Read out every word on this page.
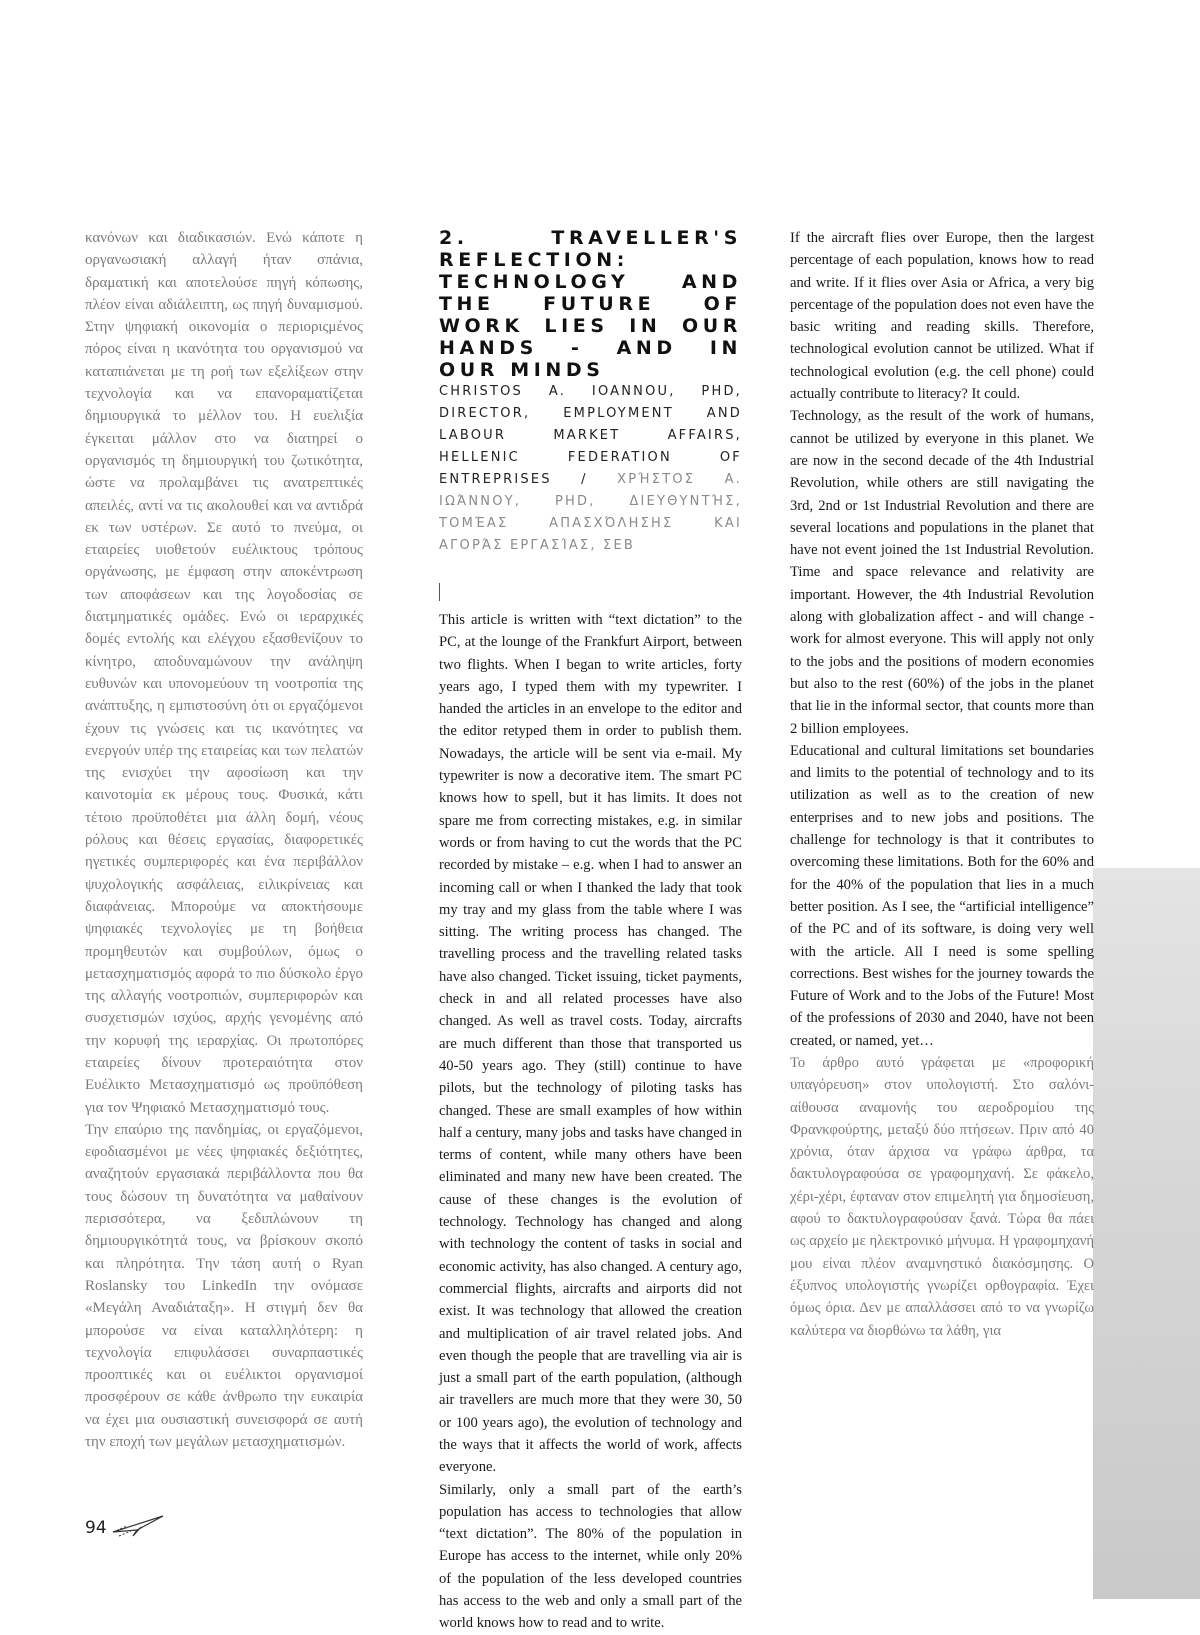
κανόνων και διαδικασιών. Ενώ κάποτε η οργανωσιακή αλλαγή ήταν σπάνια, δραματική και αποτελούσε πηγή κόπωσης, πλέον είναι αδιάλειπτη, ως πηγή δυναμισμού. Στην ψηφιακή οικονομία ο περιοριςμένος πόρος είναι η ικανότητα του οργανισμού να καταπιάνεται με τη ροή των εξελίξεων στην τεχνολογία και να επανοραματίζεται δημιουργικά το μέλλον του. Η ευελιξία έγκειται μάλλον στο να διατηρεί ο οργανισμός τη δημιουργική του ζωτικότητα, ώστε να προλαμβάνει τις ανατρεπτικές απειλές, αντί να τις ακολουθεί και να αντιδρά εκ των υστέρων. Σε αυτό το πνεύμα, οι εταιρείες υιοθετούν ευέλικτους τρόπους οργάνωσης, με έμφαση στην αποκέντρωση των αποφάσεων και της λογοδοσίας σε διατμηματικές ομάδες. Ενώ οι ιεραρχικές δομές εντολής και ελέγχου εξασθενίζουν το κίνητρο, αποδυναμώνουν την ανάληψη ευθυνών και υπονομεύουν τη νοοτροπία της ανάπτυξης, η εμπιστοσύνη ότι οι εργαζόμενοι έχουν τις γνώσεις και τις ικανότητες να ενεργούν υπέρ της εταιρείας και των πελατών της ενισχύει την αφοσίωση και την καινοτομία εκ μέρους τους. Φυσικά, κάτι τέτοιο προϋποθέτει μια άλλη δομή, νέους ρόλους και θέσεις εργασίας, διαφορετικές ηγετικές συμπεριφορές και ένα περιβάλλον ψυχολογικής ασφάλειας, ειλικρίνειας και διαφάνειας. Μπορούμε να αποκτήσουμε ψηφιακές τεχνολογίες με τη βοήθεια προμηθευτών και συμβούλων, όμως ο μετασχηματισμός αφορά το πιο δύσκολο έργο της αλλαγής νοοτροπιών, συμπεριφορών και συσχετισμών ισχύος, αρχής γενομένης από την κορυφή της ιεραρχίας. Οι πρωτοπόρες εταιρείες δίνουν προτεραιότητα στον Ευέλικτο Μετασχηματισμό ως προϋπόθεση για τον Ψηφιακό Μετασχηματισμό τους.

Την επαύριο της πανδημίας, οι εργαζόμενοι, εφοδιασμένοι με νέες ψηφιακές δεξιότητες, αναζητούν εργασιακά περιβάλλοντα που θα τους δώσουν τη δυνατότητα να μαθαίνουν περισσότερα, να ξεδιπλώνουν τη δημιουργικότητά τους, να βρίσκουν σκοπό και πληρότητα. Την τάση αυτή ο Ryan Roslansky του LinkedIn την ονόμασε «Μεγάλη Αναδιάταξη». Η στιγμή δεν θα μπορούσε να είναι καταλληλότερη: η τεχνολογία επιφυλάσσει συναρπαστικές προοπτικές και οι ευέλικτοι οργανισμοί προσφέρουν σε κάθε άνθρωπο την ευκαιρία να έχει μια ουσιαστική συνεισφορά σε αυτή την εποχή των μεγάλων μετασχηματισμών.

2. TRAVELLER'S REFLECTION: TECHNOLOGY AND THE FUTURE OF WORK LIES IN OUR HANDS - AND IN OUR MINDS

CHRISTOS A. IOANNOU, PHD, DIRECTOR, EMPLOYMENT AND LABOUR MARKET AFFAIRS, HELLENIC FEDERATION OF ENTREPRISES / ΧΡΉΣΤΟΣ Α. ΙΩΆΝΝΟΥ, PHD, ΔΙΕΥΘΥΝΤΉΣ, ΤΟΜΈΑΣ ΑΠΑΣΧΌΛΗΣΗΣ ΚΑΙ ΑΓΟΡΆΣ ΕΡΓΑΣΊΑΣ, ΣΕΒ

This article is written with “text dictation” to the PC, at the lounge of the Frankfurt Airport, between two flights. When I began to write articles, forty years ago, I typed them with my typewriter. I handed the articles in an envelope to the editor and the editor retyped them in order to publish them. Nowadays, the article will be sent via e-mail. My typewriter is now a decorative item. The smart PC knows how to spell, but it has limits. It does not spare me from correcting mistakes, e.g. in similar words or from having to cut the words that the PC recorded by mistake – e.g. when I had to answer an incoming call or when I thanked the lady that took my tray and my glass from the table where I was sitting. The writing process has changed. The travelling process and the travelling related tasks have also changed. Ticket issuing, ticket payments, check in and all related processes have also changed. As well as travel costs. Today, aircrafts are much different than those that transported us 40-50 years ago. They (still) continue to have pilots, but the technology of piloting tasks has changed. These are small examples of how within half a century, many jobs and tasks have changed in terms of content, while many others have been eliminated and many new have been created. The cause of these changes is the evolution of technology. Technology has changed and along with technology the content of tasks in social and economic activity, has also changed. A century ago, commercial flights, aircrafts and airports did not exist. It was technology that allowed the creation and multiplication of air travel related jobs. And even though the people that are travelling via air is just a small part of the earth population, (although air travellers are much more that they were 30, 50 or 100 years ago), the evolution of technology and the ways that it affects the world of work, affects everyone.

Similarly, only a small part of the earth’s population has access to technologies that allow “text dictation”. The 80% of the population in Europe has access to the internet, while only 20% of the population of the less developed countries has access to the web and only a small part of the world knows how to read and to write.

If the aircraft flies over Europe, then the largest percentage of each population, knows how to read and write. If it flies over Asia or Africa, a very big percentage of the population does not even have the basic writing and reading skills. Therefore, technological evolution cannot be utilized. What if technological evolution (e.g. the cell phone) could actually contribute to literacy? It could.

Technology, as the result of the work of humans, cannot be utilized by everyone in this planet. We are now in the second decade of the 4th Industrial Revolution, while others are still navigating the 3rd, 2nd or 1st Industrial Revolution and there are several locations and populations in the planet that have not event joined the 1st Industrial Revolution. Time and space relevance and relativity are important. However, the 4th Industrial Revolution along with globalization affect - and will change - work for almost everyone. This will apply not only to the jobs and the positions of modern economies but also to the rest (60%) of the jobs in the planet that lie in the informal sector, that counts more than 2 billion employees.

Educational and cultural limitations set boundaries and limits to the potential of technology and to its utilization as well as to the creation of new enterprises and to new jobs and positions. The challenge for technology is that it contributes to overcoming these limitations. Both for the 60% and for the 40% of the population that lies in a much better position. As I see, the “artificial intelligence” of the PC and of its software, is doing very well with the article. All I need is some spelling corrections. Best wishes for the journey towards the Future of Work and to the Jobs of the Future! Most of the professions of 2030 and 2040, have not been created, or named, yet…

Το άρθρο αυτό γράφεται με «προφορική υπαγόρευση» στον υπολογιστή. Στο σαλόνι-αίθουσα αναμονής του αεροδρομίου της Φρανκφούρτης, μεταξύ δύο πτήσεων. Πριν από 40 χρόνια, όταν άρχισα να γράφω άρθρα, τα δακτυλογραφούσα σε γραφομηχανή. Σε φάκελο, χέρι-χέρι, έφταναν στον επιμελητή για δημοσίευση, αφού το δακτυλογραφούσαν ξανά. Τώρα θα πάει ως αρχείο με ηλεκτρονικό μήνυμα. Η γραφομηχανή μου είναι πλέον αναμνηστικό διακόσμησης. Ο έξυπνος υπολογιστής γνωρίζει ορθογραφία. Έχει όμως όρια. Δεν με απαλλάσσει από το να γνωρίζω καλύτερα να διορθώνω τα λάθη, για

94
